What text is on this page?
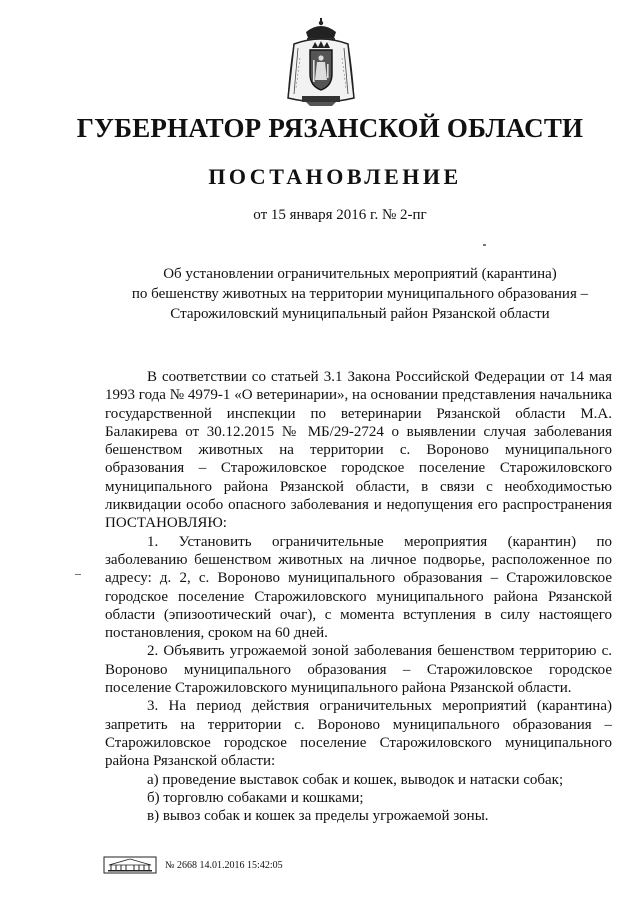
ГУБЕРНАТОР РЯЗАНСКОЙ ОБЛАСТИ
ПОСТАНОВЛЕНИЕ
от 15 января 2016 г. № 2-пг
Об установлении ограничительных мероприятий (карантина)
по бешенству животных на территории муниципального образования –
Старожиловский муниципальный район Рязанской области

В соответствии со статьей 3.1 Закона Российской Федерации от 14 мая 1993 года № 4979-1 «О ветеринарии», на основании представления начальника государственной инспекции по ветеринарии Рязанской области М.А. Балакирева от 30.12.2015 № МБ/29-2724 о выявлении случая заболевания бешенством животных на территории с. Вороново муниципального образования – Старожиловское городское поселение Старожиловского муниципального района Рязанской области, в связи с необходимостью ликвидации особо опасного заболевания и недопущения его распространения ПОСТАНОВЛЯЮ:

1. Установить ограничительные мероприятия (карантин) по заболеванию бешенством животных на личное подворье, расположенное по адресу: д. 2, с. Вороново муниципального образования – Старожиловское городское поселение Старожиловского муниципального района Рязанской области (эпизоотический очаг), с момента вступления в силу настоящего постановления, сроком на 60 дней.

2. Объявить угрожаемой зоной заболевания бешенством территорию с. Вороново муниципального образования – Старожиловское городское поселение Старожиловского муниципального района Рязанской области.

3. На период действия ограничительных мероприятий (карантина) запретить на территории с. Вороново муниципального образования – Старожиловское городское поселение Старожиловского муниципального района Рязанской области:

а) проведение выставок собак и кошек, выводок и натаски собак;

б) торговлю собаками и кошками;

в) вывоз собак и кошек за пределы угрожаемой зоны.

№ 2668 14.01.2016 15:42:05
